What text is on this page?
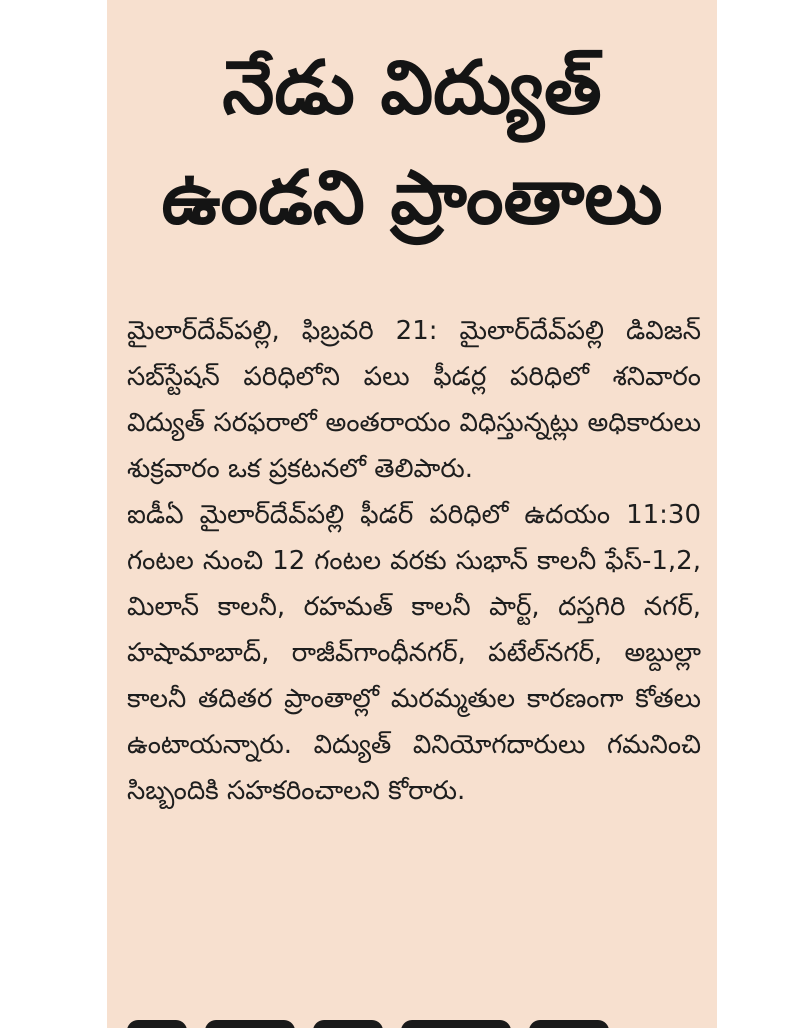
నేడు విద్యుత్
ఉండని ప్రాంతాలు

మైలార్‌దేవ్‌పల్లి, ఫిబ్రవరి 21: మైలార్‌దేవ్‌పల్లి డివిజన్ సబ్‌స్టేషన్ పరిధిలోని పలు ఫీడర్ల పరిధిలో శనివారం విద్యుత్ సరఫరాలో అంతరాయం విధిస్తున్నట్లు అధికారులు శుక్రవారం ఒక ప్రకటనలో తెలిపారు.

ఐడీఏ మైలార్‌దేవ్‌పల్లి ఫీడర్ పరిధిలో ఉదయం 11:30 గంటల నుంచి 12 గంటల వరకు సుభాన్ కాలనీ ఫేస్-1,2, మిలాన్ కాలనీ, రహమత్ కాలనీ పార్ట్, దస్తగిరి నగర్, హషామాబాద్, రాజీవ్‌గాంధీనగర్, పటేల్‌నగర్, అబ్దుల్లా కాలనీ తదితర ప్రాంతాల్లో మరమ్మతుల కారణంగా కోతలు ఉంటాయన్నారు. విద్యుత్ వినియోగదారులు గమనించి సిబ్బందికి సహకరించాలని కోరారు.
